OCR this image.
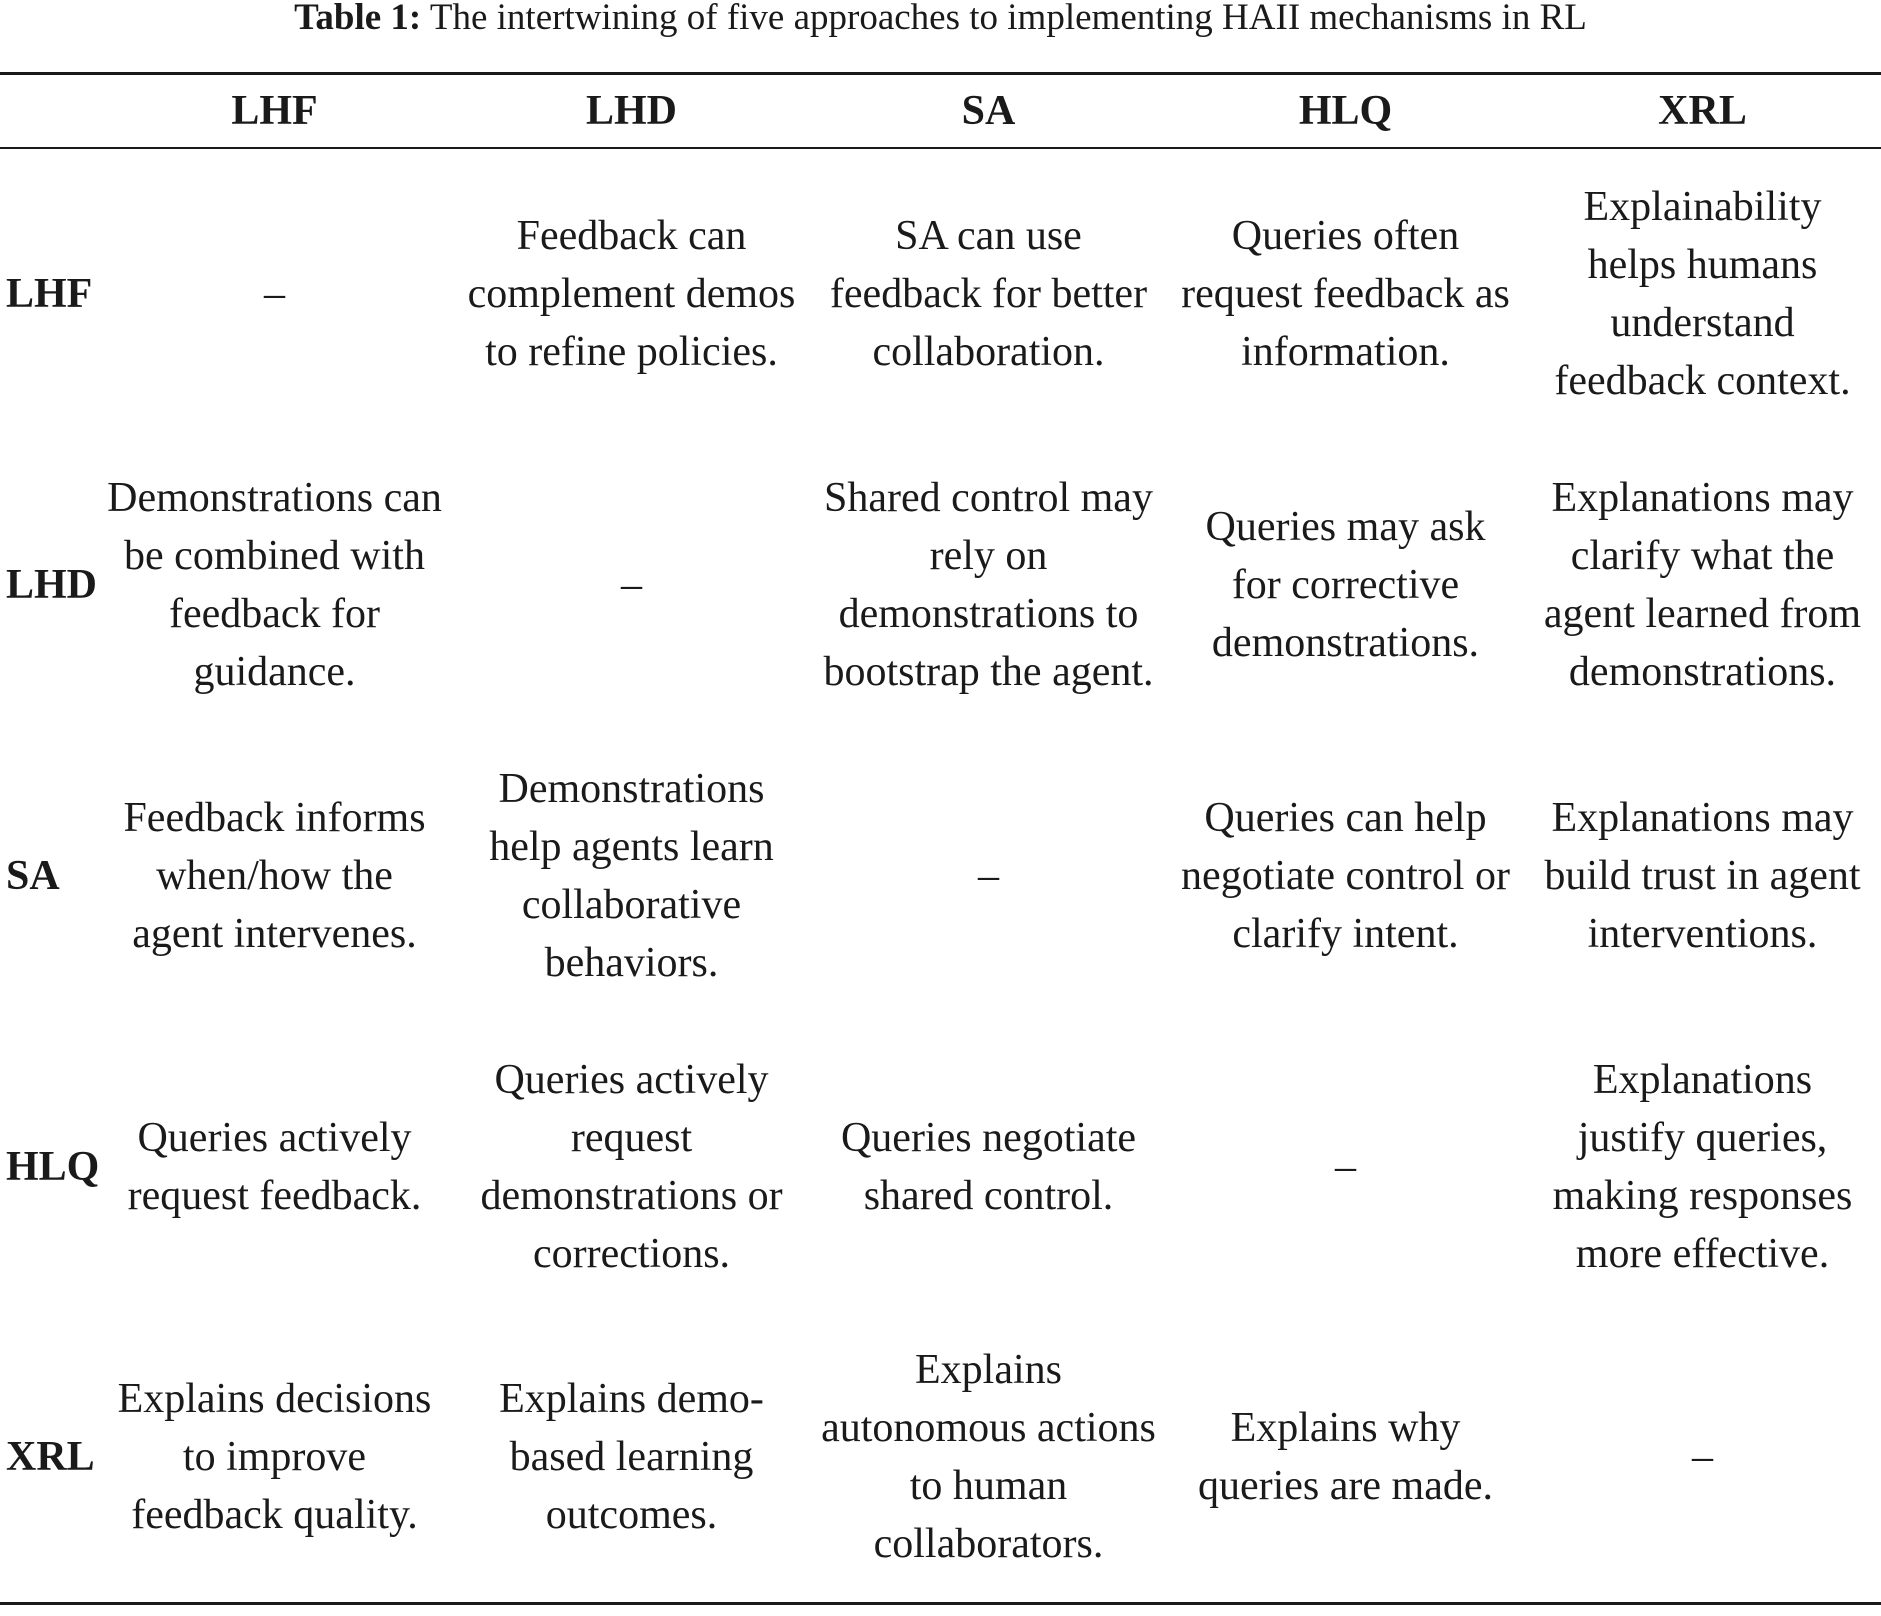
Table 1: The intertwining of five approaches to implementing HAII mechanisms in RL
	LHF	LHD	SA	HLQ	XRL
LHF	–	Feedback can complement demos to refine policies.	SA can use feedback for better collaboration.	Queries often request feedback as information.	Explainability helps humans understand feedback context.

LHD	Demonstrations can be combined with feedback for guidance.	–	Shared control may rely on demonstrations to bootstrap the agent.	Queries may ask for corrective demonstrations.	Explanations may clarify what the agent learned from demonstrations.

SA	Feedback informs when/how the agent intervenes.	Demonstrations help agents learn collaborative behaviors.	–	Queries can help negotiate control or clarify intent.	Explanations may build trust in agent interventions.

HLQ	Queries actively request feedback.	Queries actively request demonstrations or corrections.	Queries negotiate shared control.	–	Explanations justify queries, making responses more effective.

XRL	Explains decisions to improve feedback quality.	Explains demo-based learning outcomes.	Explains autonomous actions to human collaborators.	Explains why queries are made.	–
